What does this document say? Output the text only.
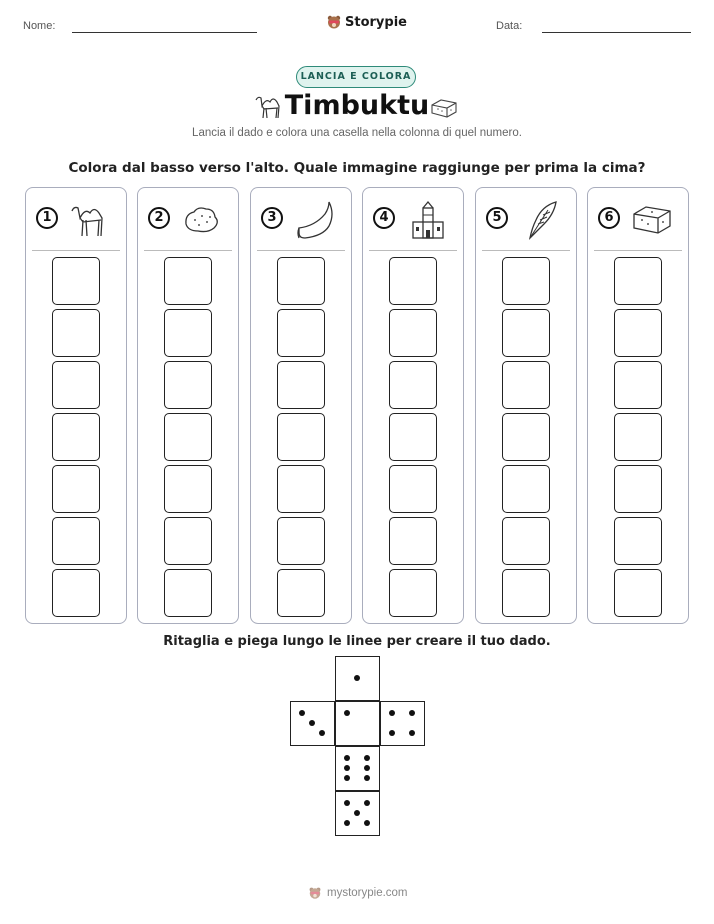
Nome:	Storypie	Data:
LANCIA E COLORA
Timbuktu
Lancia il dado e colora una casella nella colonna di quel numero.
Colora dal basso verso l'alto. Quale immagine raggiunge per prima la cima?
1	2	3	4	5	6
Ritaglia e piega lungo le linee per creare il tuo dado.
mystorypie.com
